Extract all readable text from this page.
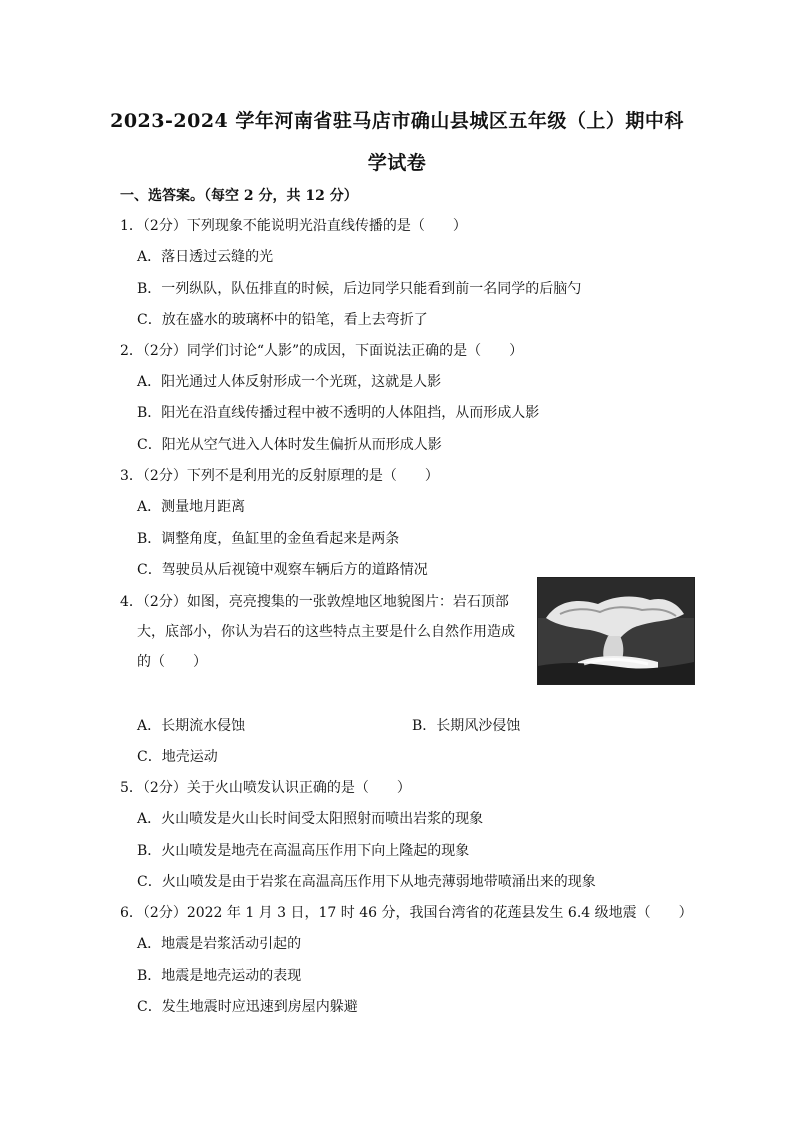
2023-2024 学年河南省驻马店市确山县城区五年级（上）期中科
学试卷
一、选答案。（每空 2 分，共 12 分）
1．（2分）下列现象不能说明光沿直线传播的是（　　）
A．落日透过云缝的光
B．一列纵队，队伍排直的时候，后边同学只能看到前一名同学的后脑勺
C．放在盛水的玻璃杯中的铅笔，看上去弯折了
2．（2分）同学们讨论“人影”的成因，下面说法正确的是（　　）
A．阳光通过人体反射形成一个光斑，这就是人影
B．阳光在沿直线传播过程中被不透明的人体阻挡，从而形成人影
C．阳光从空气进入人体时发生偏折从而形成人影
3．（2分）下列不是利用光的反射原理的是（　　）
A．测量地月距离
B．调整角度，鱼缸里的金鱼看起来是两条
C．驾驶员从后视镜中观察车辆后方的道路情况
4．（2分）如图，亮亮搜集的一张敦煌地区地貌图片：岩石顶部
大，底部小，你认为岩石的这些特点主要是什么自然作用造成
的（　　）
A．长期流水侵蚀	B．长期风沙侵蚀
C．地壳运动
5．（2分）关于火山喷发认识正确的是（　　）
A．火山喷发是火山长时间受太阳照射而喷出岩浆的现象
B．火山喷发是地壳在高温高压作用下向上隆起的现象
C．火山喷发是由于岩浆在高温高压作用下从地壳薄弱地带喷涌出来的现象
6．（2分）2022 年 1 月 3 日，17 时 46 分，我国台湾省的花莲县发生 6.4 级地震（　　）
A．地震是岩浆活动引起的
B．地震是地壳运动的表现
C．发生地震时应迅速到房屋内躲避
